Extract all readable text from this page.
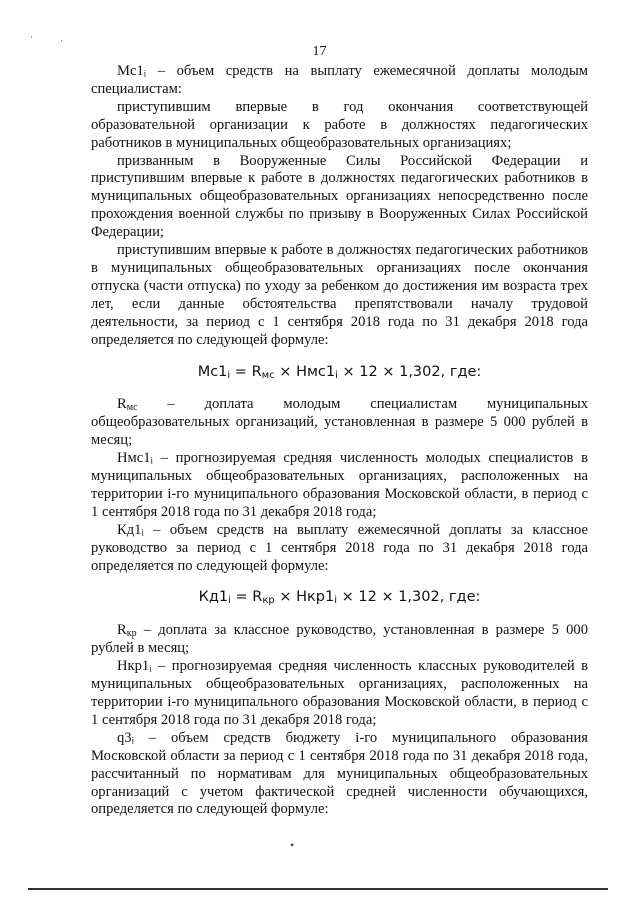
17

Мс1ᵢ – объем средств на выплату ежемесячной доплаты молодым специалистам:

приступившим впервые в год окончания соответствующей образовательной организации к работе в должностях педагогических работников в муниципальных общеобразовательных организациях;

призванным в Вооруженные Силы Российской Федерации и приступившим впервые к работе в должностях педагогических работников в муниципальных общеобразовательных организациях непосредственно после прохождения военной службы по призыву в Вооруженных Силах Российской Федерации;

приступившим впервые к работе в должностях педагогических работников в муниципальных общеобразовательных организациях после окончания отпуска (части отпуска) по уходу за ребенком до достижения им возраста трех лет, если данные обстоятельства препятствовали началу трудовой деятельности, за период с 1 сентября 2018 года по 31 декабря 2018 года определяется по следующей формуле:

$Мс1_i = R_{мс} \times Нмс1_i \times 12 \times 1,302$, где:

$R_{мс}$ – доплата молодым специалистам муниципальных общеобразовательных организаций, установленная в размере 5 000 рублей в месяц;

Нмс1ᵢ – прогнозируемая средняя численность молодых специалистов в муниципальных общеобразовательных организациях, расположенных на территории i-го муниципального образования Московской области, в период с 1 сентября 2018 года по 31 декабря 2018 года;

Кд1ᵢ – объем средств на выплату ежемесячной доплаты за классное руководство за период с 1 сентября 2018 года по 31 декабря 2018 года определяется по следующей формуле:

$Кд1_i = R_{кр} \times Нкр1_i \times 12 \times 1,302$, где:

$R_{кр}$ – доплата за классное руководство, установленная в размере 5 000 рублей в месяц;

Нкр1ᵢ – прогнозируемая средняя численность классных руководителей в муниципальных общеобразовательных организациях, расположенных на территории i-го муниципального образования Московской области, в период с 1 сентября 2018 года по 31 декабря 2018 года;

q3ᵢ – объем средств бюджету i-го муниципального образования Московской области за период с 1 сентября 2018 года по 31 декабря 2018 года, рассчитанный по нормативам для муниципальных общеобразовательных организаций с учетом фактической средней численности обучающихся, определяется по следующей формуле:

·	·
•
